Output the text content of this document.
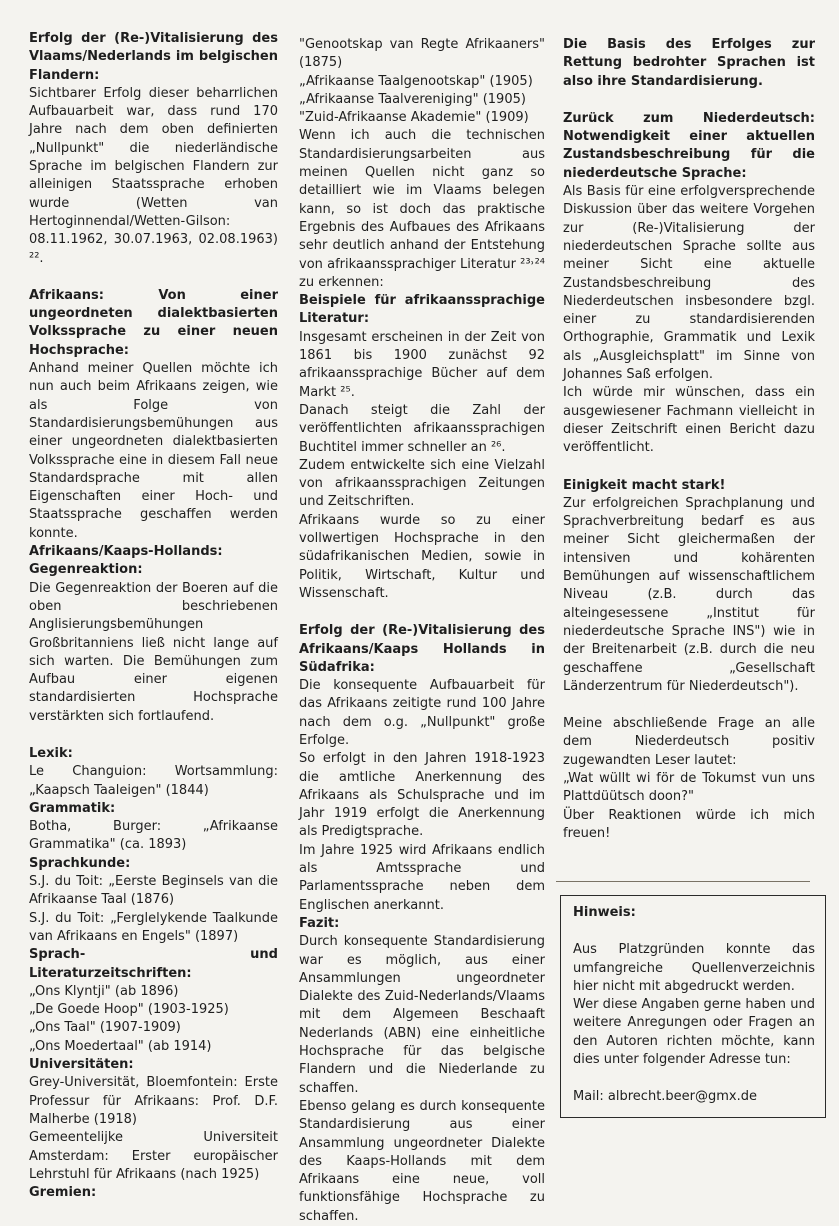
Erfolg der (Re-)Vitalisierung des Vlaams/Nederlands im belgischen Flandern:

Sichtbarer Erfolg dieser beharrlichen Aufbauarbeit war, dass rund 170 Jahre nach dem oben definierten „Nullpunkt" die niederländische Sprache im belgischen Flandern zur alleinigen Staatssprache erhoben wurde (Wetten van Hertoginnendal/Wetten-Gilson: 08.11.1962, 30.07.1963, 02.08.1963) ²².

Afrikaans: Von einer ungeordneten dialektbasierten Volkssprache zu einer neuen Hochsprache:

Anhand meiner Quellen möchte ich nun auch beim Afrikaans zeigen, wie als Folge von Standardisierungsbemühungen aus einer ungeordneten dialektbasierten Volkssprache eine in diesem Fall neue Standardsprache mit allen Eigenschaften einer Hoch- und Staatssprache geschaffen werden konnte.

Afrikaans/Kaaps-Hollands: Gegenreaktion:

Die Gegenreaktion der Boeren auf die oben beschriebenen Anglisierungsbemühungen Großbritanniens ließ nicht lange auf sich warten. Die Bemühungen zum Aufbau einer eigenen standardisierten Hochsprache verstärkten sich fortlaufend.

Lexik:

Le Changuion: Wortsammlung: „Kaapsch Taaleigen" (1844)

Grammatik:

Botha, Burger: „Afrikaanse Grammatika" (ca. 1893)

Sprachkunde:

S.J. du Toit: „Eerste Beginsels van die Afrikaanse Taal (1876)

S.J. du Toit: „Ferglelykende Taalkunde van Afrikaans en Engels" (1897)

Sprach- und Literaturzeitschriften:

„Ons Klyntji" (ab 1896)

„De Goede Hoop" (1903-1925)

„Ons Taal" (1907-1909)

„Ons Moedertaal" (ab 1914)

Universitäten:

Grey-Universität, Bloemfontein: Erste Professur für Afrikaans: Prof. D.F. Malherbe (1918)

Gemeentelijke Universiteit Amsterdam: Erster europäischer Lehrstuhl für Afrikaans (nach 1925)

Gremien:

"Genootskap van Regte Afrikaaners" (1875)

„Afrikaanse Taalgenootskap" (1905)

„Afrikaanse Taalvereniging" (1905)

"Zuid-Afrikaanse Akademie" (1909)

Wenn ich auch die technischen Standardisierungsarbeiten aus meinen Quellen nicht ganz so detailliert wie im Vlaams belegen kann, so ist doch das praktische Ergebnis des Aufbaues des Afrikaans sehr deutlich anhand der Entstehung von afrikaanssprachiger Literatur ²³˒²⁴ zu erkennen:

Beispiele für afrikaanssprachige Literatur:

Insgesamt erscheinen in der Zeit von 1861 bis 1900 zunächst 92 afrikaanssprachige Bücher auf dem Markt ²⁵.

Danach steigt die Zahl der veröffentlichten afrikaanssprachigen Buchtitel immer schneller an ²⁶.

Zudem entwickelte sich eine Vielzahl von afrikaanssprachigen Zeitungen und Zeitschriften.

Afrikaans wurde so zu einer vollwertigen Hochsprache in den südafrikanischen Medien, sowie in Politik, Wirtschaft, Kultur und Wissenschaft.

Erfolg der (Re-)Vitalisierung des Afrikaans/Kaaps Hollands in Südafrika:

Die konsequente Aufbauarbeit für das Afrikaans zeitigte rund 100 Jahre nach dem o.g. „Nullpunkt" große Erfolge.

So erfolgt in den Jahren 1918-1923 die amtliche Anerkennung des Afrikaans als Schulsprache und im Jahr 1919 erfolgt die Anerkennung als Predigtsprache.

Im Jahre 1925 wird Afrikaans endlich als Amtssprache und Parlamentssprache neben dem Englischen anerkannt.

Fazit:

Durch konsequente Standardisierung war es möglich, aus einer Ansammlungen ungeordneter Dialekte des Zuid-Nederlands/Vlaams mit dem Algemeen Beschaaft Nederlands (ABN) eine einheitliche Hochsprache für das belgische Flandern und die Niederlande zu schaffen.

Ebenso gelang es durch konsequente Standardisierung aus einer Ansammlung ungeordneter Dialekte des Kaaps-Hollands mit dem Afrikaans eine neue, voll funktionsfähige Hochsprache zu schaffen.

Die Basis des Erfolges zur Rettung bedrohter Sprachen ist also ihre Standardisierung.

Zurück zum Niederdeutsch: Notwendigkeit einer aktuellen Zustandsbeschreibung für die niederdeutsche Sprache:

Als Basis für eine erfolgversprechende Diskussion über das weitere Vorgehen zur (Re-)Vitalisierung der niederdeutschen Sprache sollte aus meiner Sicht eine aktuelle Zustandsbeschreibung des Niederdeutschen insbesondere bzgl. einer zu standardisierenden Orthographie, Grammatik und Lexik als „Ausgleichsplatt" im Sinne von Johannes Saß erfolgen.

Ich würde mir wünschen, dass ein ausgewiesener Fachmann vielleicht in dieser Zeitschrift einen Bericht dazu veröffentlicht.

Einigkeit macht stark!

Zur erfolgreichen Sprachplanung und Sprachverbreitung bedarf es aus meiner Sicht gleichermaßen der intensiven und kohärenten Bemühungen auf wissenschaftlichem Niveau (z.B. durch das alteingesessene „Institut für niederdeutsche Sprache INS") wie in der Breitenarbeit (z.B. durch die neu geschaffene „Gesellschaft Länderzentrum für Niederdeutsch").

Meine abschließende Frage an alle dem Niederdeutsch positiv zugewandten Leser lautet:

„Wat wüllt wi för de Tokumst vun uns Plattdüütsch doon?"

Über Reaktionen würde ich mich freuen!

Hinweis:

Aus Platzgründen konnte das umfangreiche Quellenverzeichnis hier nicht mit abgedruckt werden.

Wer diese Angaben gerne haben und weitere Anregungen oder Fragen an den Autoren richten möchte, kann dies unter folgender Adresse tun:

Mail: albrecht.beer@gmx.de
